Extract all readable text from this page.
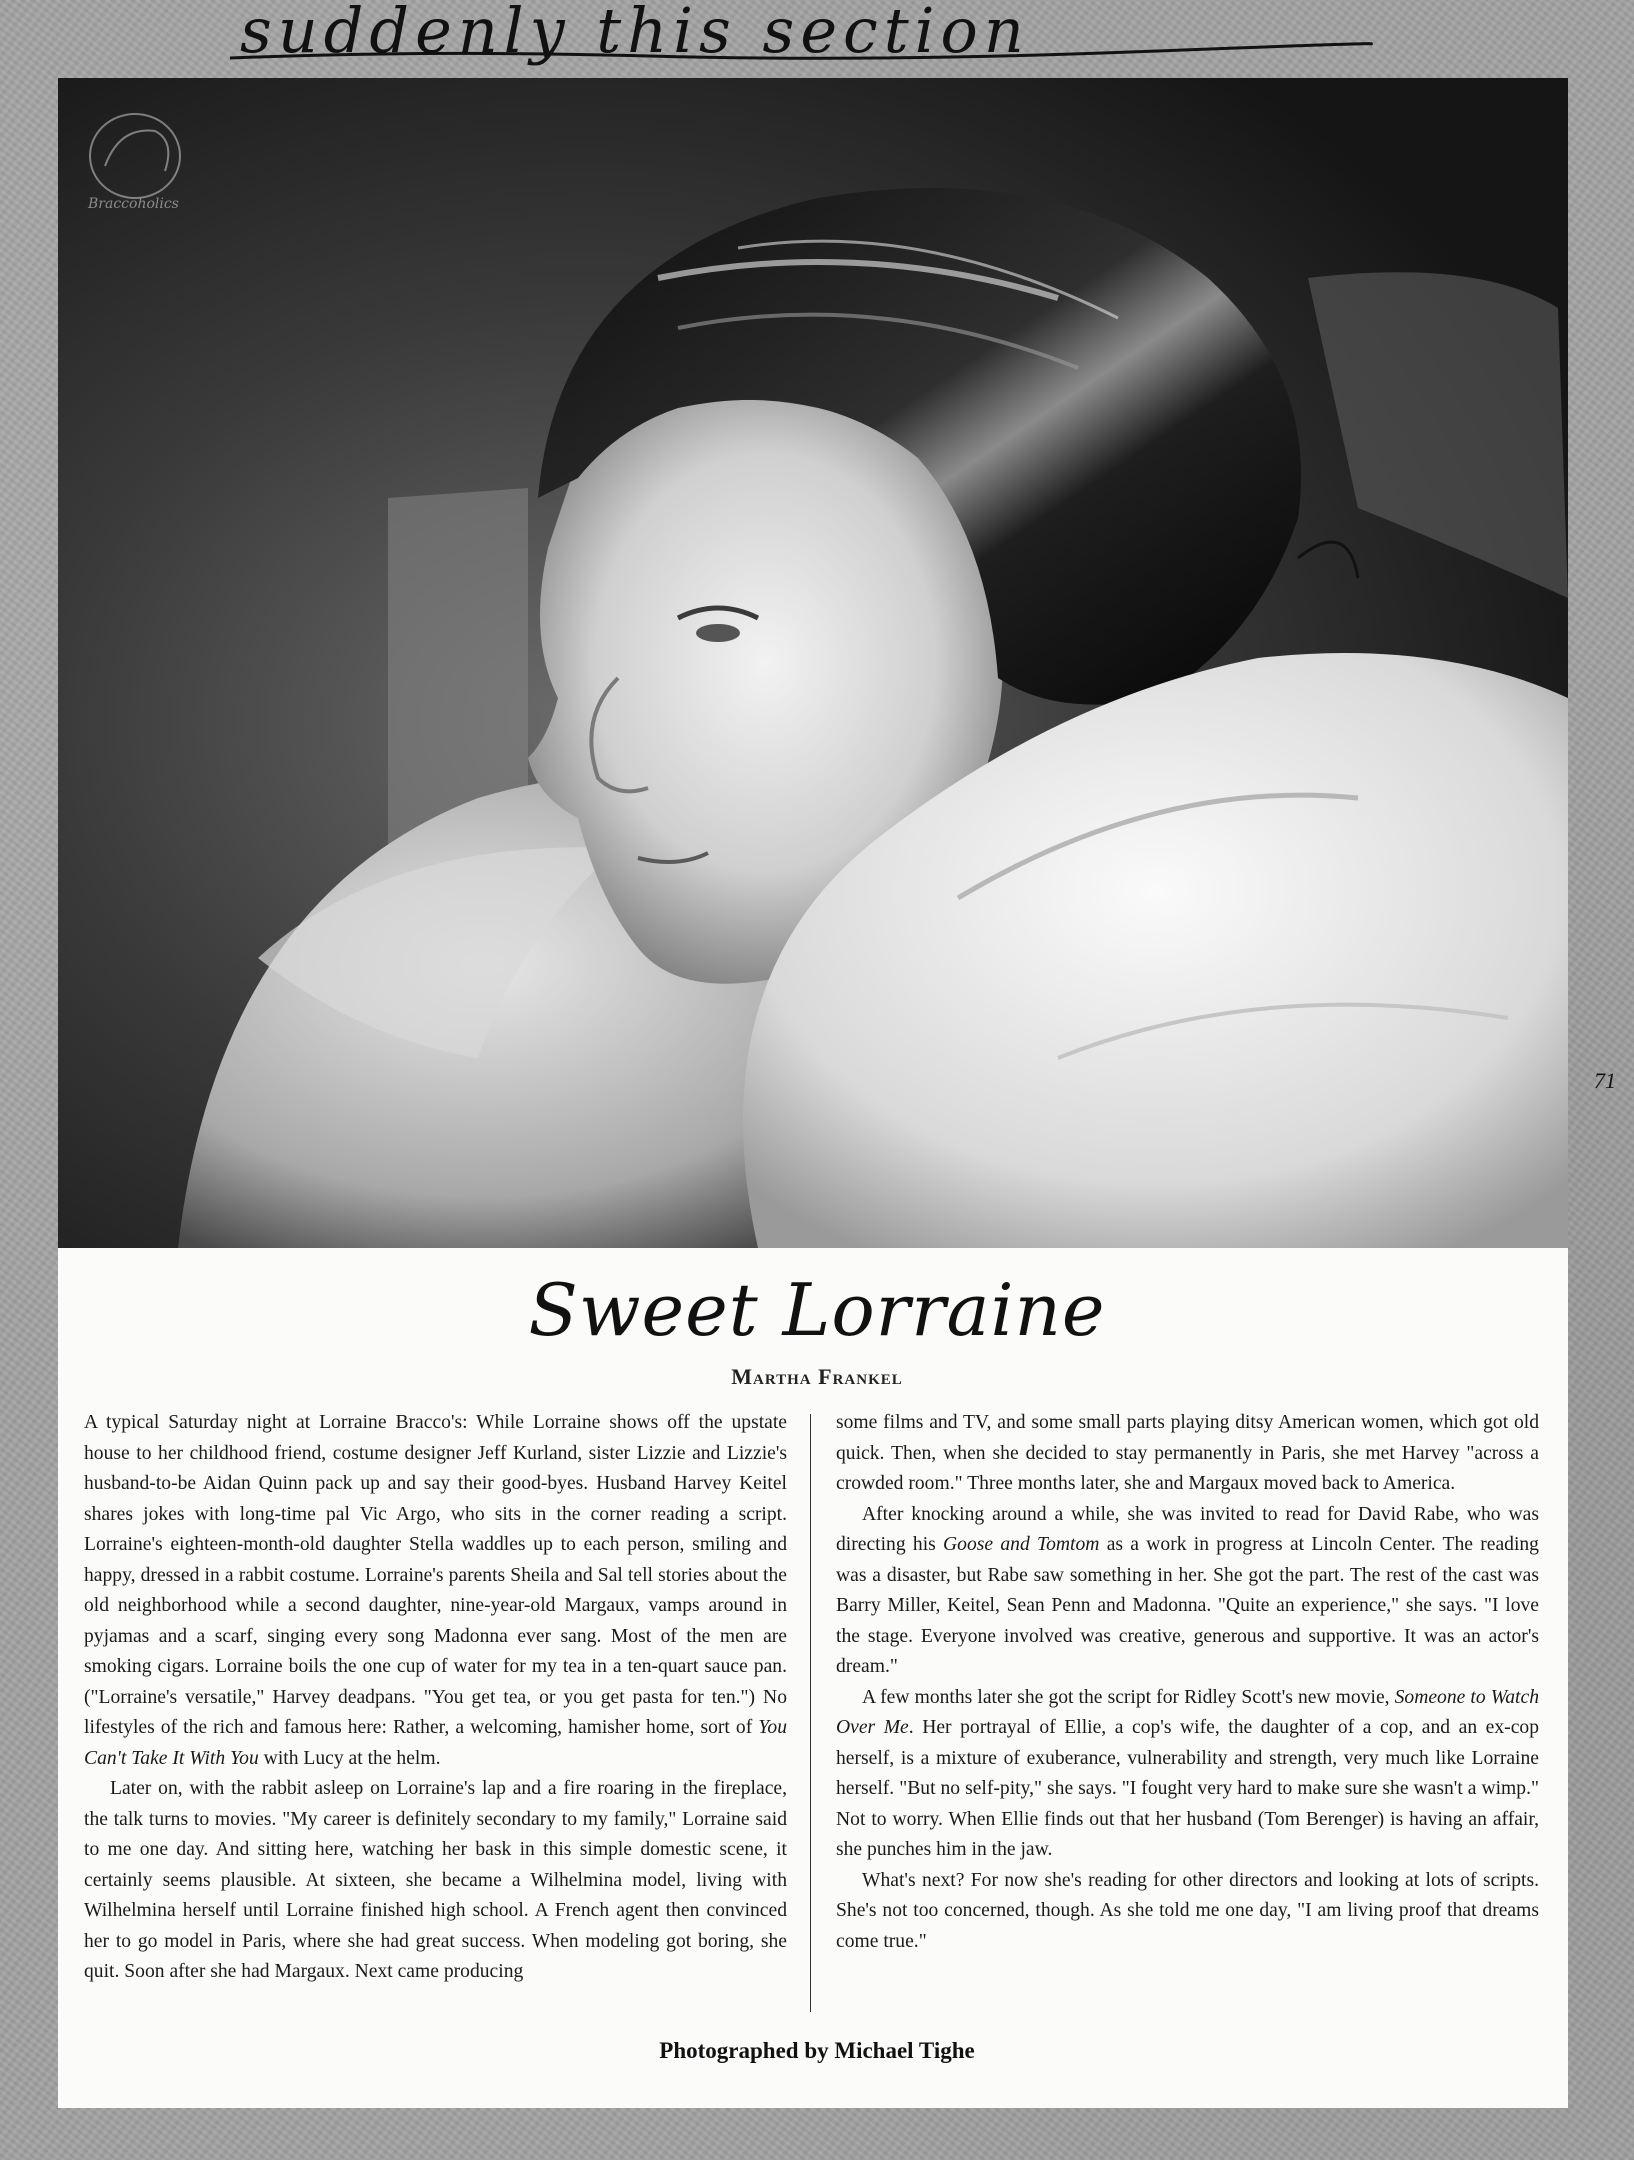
suddenly this section
Braccoholics
71
Sweet Lorraine
Martha Frankel

A typical Saturday night at Lorraine Bracco's: While Lorraine shows off the upstate house to her childhood friend, costume designer Jeff Kurland, sister Lizzie and Lizzie's husband-to-be Aidan Quinn pack up and say their good-byes. Husband Harvey Keitel shares jokes with long-time pal Vic Argo, who sits in the corner reading a script. Lorraine's eighteen-month-old daughter Stella waddles up to each person, smiling and happy, dressed in a rabbit costume. Lorraine's parents Sheila and Sal tell stories about the old neighborhood while a second daughter, nine-year-old Margaux, vamps around in pyjamas and a scarf, singing every song Madonna ever sang. Most of the men are smoking cigars. Lorraine boils the one cup of water for my tea in a ten-quart sauce pan. ("Lorraine's versatile," Harvey deadpans. "You get tea, or you get pasta for ten.") No lifestyles of the rich and famous here: Rather, a welcoming, hamisher home, sort of You Can't Take It With You with Lucy at the helm.

Later on, with the rabbit asleep on Lorraine's lap and a fire roaring in the fireplace, the talk turns to movies. "My career is definitely secondary to my family," Lorraine said to me one day. And sitting here, watching her bask in this simple domestic scene, it certainly seems plausible. At sixteen, she became a Wilhelmina model, living with Wilhelmina herself until Lorraine finished high school. A French agent then convinced her to go model in Paris, where she had great success. When modeling got boring, she quit. Soon after she had Margaux. Next came producing

some films and TV, and some small parts playing ditsy American women, which got old quick. Then, when she decided to stay permanently in Paris, she met Harvey "across a crowded room." Three months later, she and Margaux moved back to America.

After knocking around a while, she was invited to read for David Rabe, who was directing his Goose and Tomtom as a work in progress at Lincoln Center. The reading was a disaster, but Rabe saw something in her. She got the part. The rest of the cast was Barry Miller, Keitel, Sean Penn and Madonna. "Quite an experience," she says. "I love the stage. Everyone involved was creative, generous and supportive. It was an actor's dream."

A few months later she got the script for Ridley Scott's new movie, Someone to Watch Over Me. Her portrayal of Ellie, a cop's wife, the daughter of a cop, and an ex-cop herself, is a mixture of exuberance, vulnerability and strength, very much like Lorraine herself. "But no self-pity," she says. "I fought very hard to make sure she wasn't a wimp." Not to worry. When Ellie finds out that her husband (Tom Berenger) is having an affair, she punches him in the jaw.

What's next? For now she's reading for other directors and looking at lots of scripts. She's not too concerned, though. As she told me one day, "I am living proof that dreams come true."

Photographed by Michael Tighe
